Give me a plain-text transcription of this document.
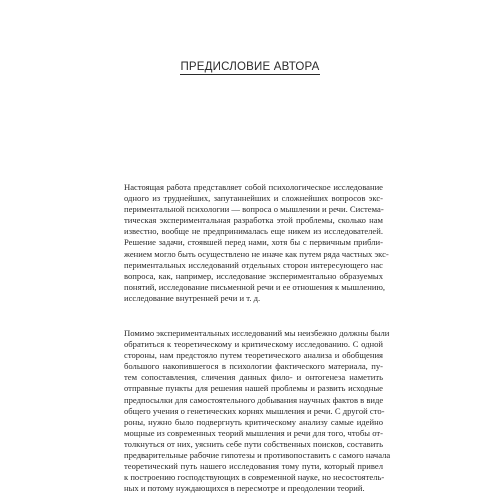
ПРЕДИСЛОВИЕ АВТОРА
Настоящая работа представляет собой психологическое исследование
одного из труднейших, запутаннейших и сложнейших вопросов экс-
периментальной психологии — вопроса о мышлении и речи. Системa-
тическая экспериментальная разработка этой проблемы, сколько нам
известно, вообще не предпринималась еще никем из исследователей.
Решение задачи, стоявшей перед нами, хотя бы с первичным прибли-
жением могло быть осуществлено не иначе как путем ряда частных экс-
периментальных исследований отдельных сторон интересующего нас
вопроса, как, например, исследование экспериментально образуемых
понятий, исследование письменной речи и ее отношения к мышлению,
исследование внутренней речи и т. д.
Помимо экспериментальных исследований мы неизбежно должны были
обратиться к теоретическому и критическому исследованию. С одной
стороны, нам предстояло путем теоретического анализа и обобщения
большого накопившегося в психологии фактического материала, пу-
тем сопоставления, сличения данных фило- и онтогенеза наметить
отправные пункты для решения нашей проблемы и развить исходные
предпосылки для самостоятельного добывания научных фактов в виде
общего учения о генетических корнях мышления и речи. С другой сто-
роны, нужно было подвергнуть критическому анализу самые идейно
мощные из современных теорий мышления и речи для того, чтобы от-
толкнуться от них, уяснить себе пути собственных поисков, составить
предварительные рабочие гипотезы и противопоставить с самого начала
теоретический путь нашего исследования тому пути, который привел
к построению господствующих в современной науке, но несостоятель-
ных и потому нуждающихся в пересмотре и преодолении теорий.
